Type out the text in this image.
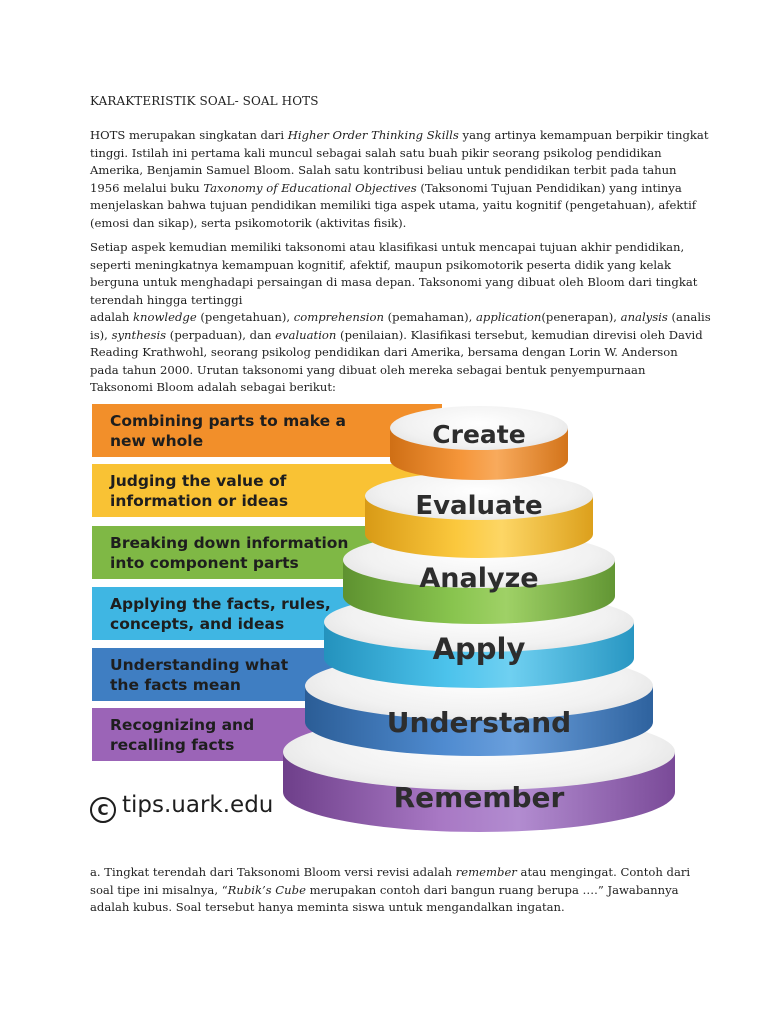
KARAKTERISTIK SOAL- SOAL HOTS

HOTS merupakan singkatan dari Higher Order Thinking Skills yang artinya kemampuan berpikir tingkat
tinggi. Istilah ini pertama kali muncul sebagai salah satu buah pikir seorang psikolog pendidikan
Amerika, Benjamin Samuel Bloom. Salah satu kontribusi beliau untuk pendidikan terbit pada tahun
1956 melalui buku Taxonomy of Educational Objectives (Taksonomi Tujuan Pendidikan) yang intinya
menjelaskan bahwa tujuan pendidikan memiliki tiga aspek utama, yaitu kognitif (pengetahuan), afektif
(emosi dan sikap), serta psikomotorik (aktivitas fisik).

Setiap aspek kemudian memiliki taksonomi atau klasifikasi untuk mencapai tujuan akhir pendidikan,
seperti meningkatnya kemampuan kognitif, afektif, maupun psikomotorik peserta didik yang kelak
berguna untuk menghadapi persaingan di masa depan. Taksonomi yang dibuat oleh Bloom dari tingkat
terendah hingga tertinggi
adalah knowledge (pengetahuan), comprehension (pemahaman), application(penerapan), analysis (analis
is), synthesis (perpaduan), dan evaluation (penilaian). Klasifikasi tersebut, kemudian direvisi oleh David
Reading Krathwohl, seorang psikolog pendidikan dari Amerika, bersama dengan Lorin W. Anderson
pada tahun 2000. Urutan taksonomi yang dibuat oleh mereka sebagai bentuk penyempurnaan
Taksonomi Bloom adalah sebagai berikut:

Combining parts to make a
new whole
Judging the value of
information or ideas
Breaking down information
into component parts
Applying the facts, rules,
concepts, and ideas
Understanding what
the facts mean
Recognizing and
recalling facts
Remember
Understand
Apply
Analyze
Evaluate
Create
C tips.uark.edu

a. Tingkat terendah dari Taksonomi Bloom versi revisi adalah remember atau mengingat. Contoh dari
soal tipe ini misalnya, “Rubik’s Cube merupakan contoh dari bangun ruang berupa ….” Jawabannya
adalah kubus. Soal tersebut hanya meminta siswa untuk mengandalkan ingatan.
